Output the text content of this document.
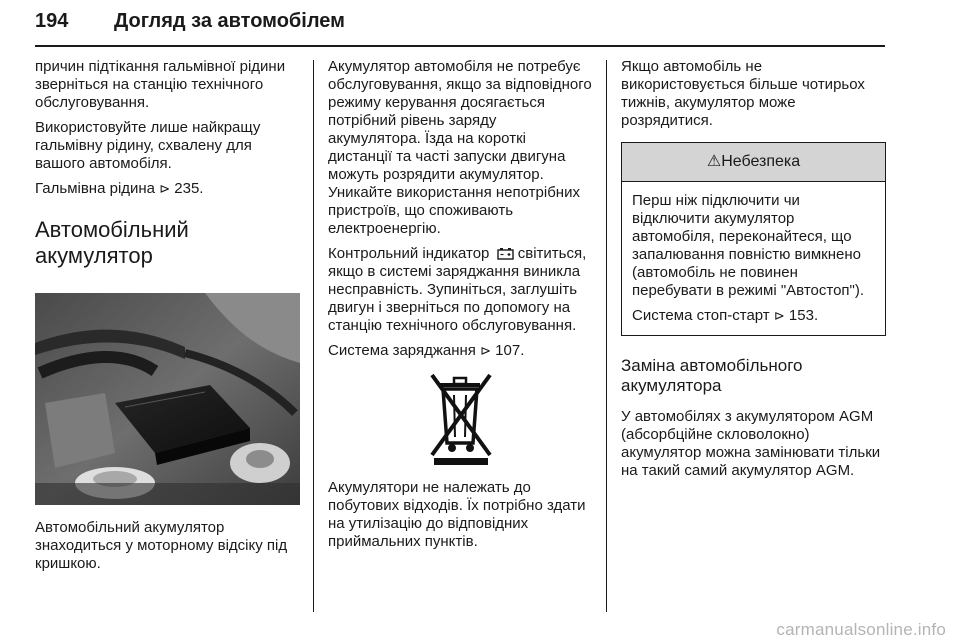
194 Догляд за автомобілем

причин підтікання гальмівної рідини зверніться на станцію технічного обслуговування.

Використовуйте лише найкращу гальмівну рідину, схвалену для вашого автомобіля.

Гальмівна рідина ⊳ 235.

Автомобільний акумулятор

Автомобільний акумулятор знаходиться у моторному відсіку під кришкою.

Акумулятор автомобіля не потребує обслуговування, якщо за відповідного режиму керування досягається потрібний рівень заряду акумулятора. Їзда на короткі дистанції та часті запуски двигуна можуть розрядити акумулятор. Уникайте використання непотрібних пристроїв, що споживають електроенергію.

Контрольний індикатор світиться, якщо в системі заряджання виникла несправність. Зупиніться, заглушіть двигун і зверніться по допомогу на станцію технічного обслуговування.

Система заряджання ⊳ 107.

Акумулятори не належать до побутових відходів. Їх потрібно здати на утилізацію до відповідних приймальних пунктів.

Якщо автомобіль не використовується більше чотирьох тижнів, акумулятор може розрядитися.

⚠Небезпека

Перш ніж підключити чи відключити акумулятор автомобіля, переконайтеся, що запалювання повністю вимкнено (автомобіль не повинен перебувати в режимі "Автостоп").

Система стоп-старт ⊳ 153.

Заміна автомобільного акумулятора

У автомобілях з акумулятором AGM (абсорбційне скловолокно) акумулятор можна замінювати тільки на такий самий акумулятор AGM.

carmanualsonline.info
